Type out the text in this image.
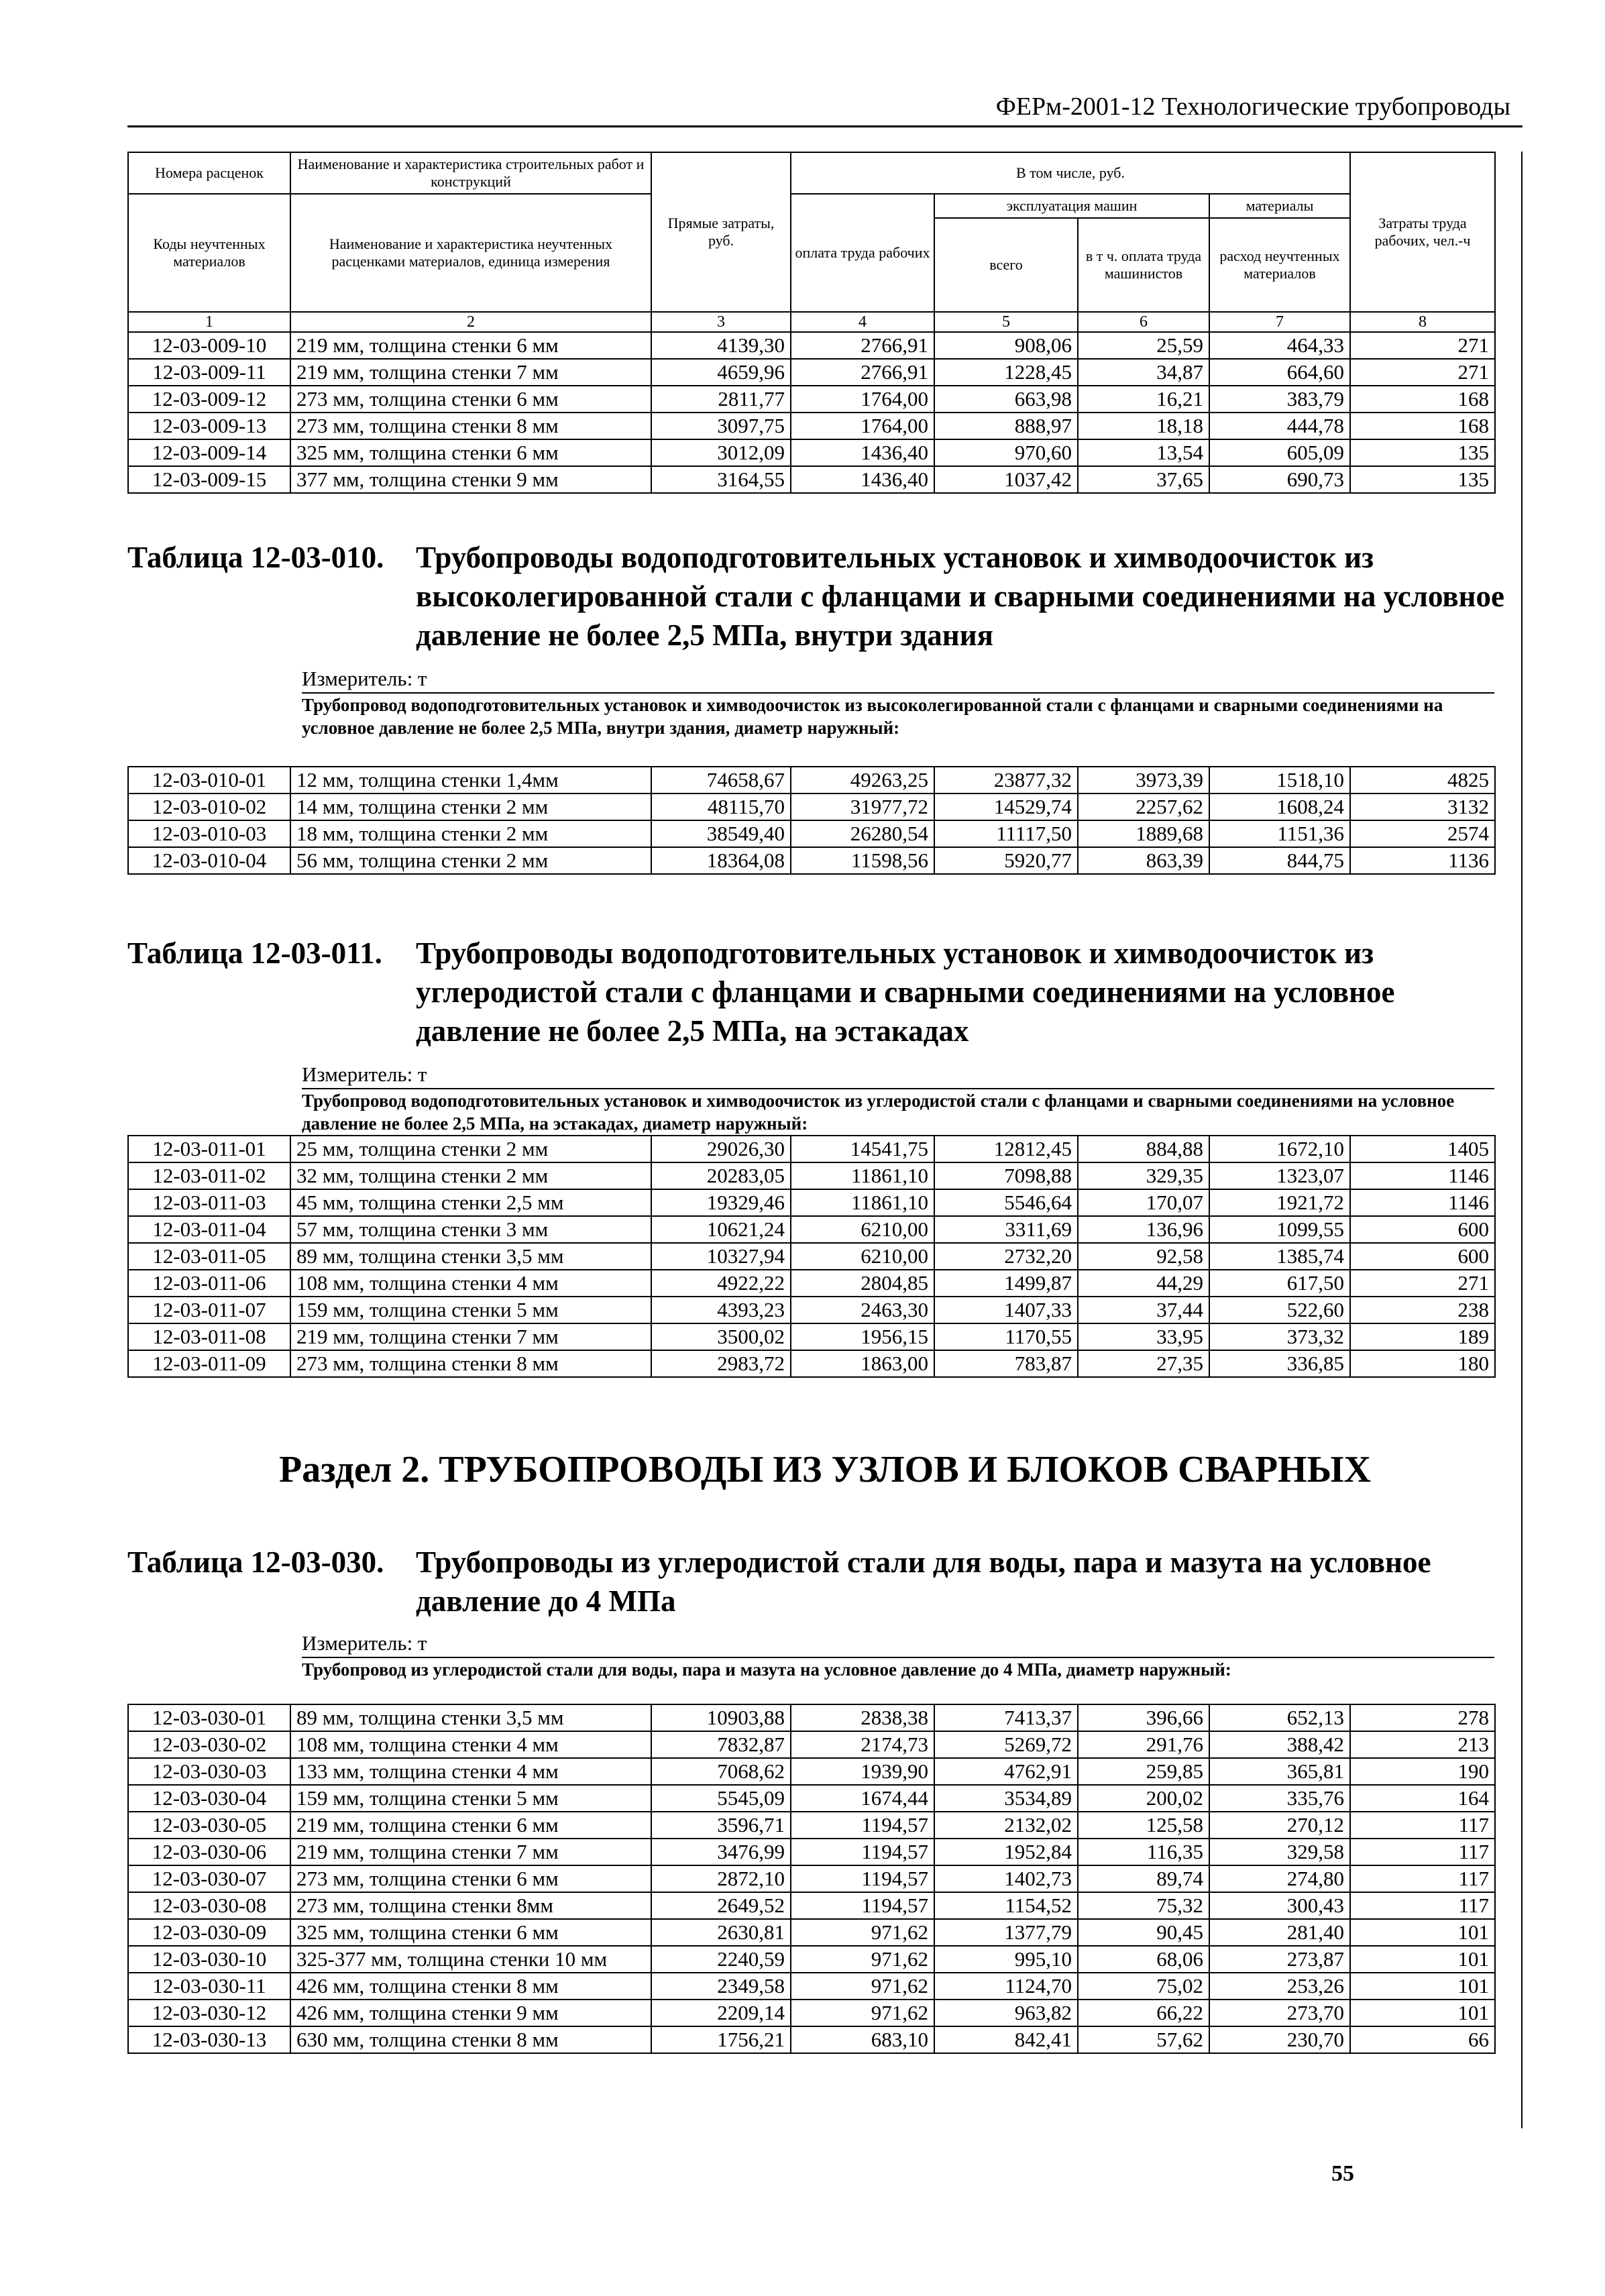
ФЕРм-2001-12 Технологические трубопроводы
Номера расценок	Наименование и характеристика строительных работ и конструкций	Прямые затраты, руб.	В том числе, руб.				Затраты труда рабочих, чел.-ч
Коды неучтенных материалов	Наименование и характеристика неучтенных расценками материалов, единица измерения		оплата труда рабочих	эксплуатация машин		материалы	
				всего	в т ч. оплата труда машинистов	расход неучтенных материалов	
1	2	3	4	5	6	7	8
12-03-009-10	219 мм, толщина стенки 6 мм	4139,30	2766,91	908,06	25,59	464,33	271
12-03-009-11	219 мм, толщина стенки 7 мм	4659,96	2766,91	1228,45	34,87	664,60	271
12-03-009-12	273 мм, толщина стенки 6 мм	2811,77	1764,00	663,98	16,21	383,79	168
12-03-009-13	273 мм, толщина стенки 8 мм	3097,75	1764,00	888,97	18,18	444,78	168
12-03-009-14	325 мм, толщина стенки 6 мм	3012,09	1436,40	970,60	13,54	605,09	135
12-03-009-15	377 мм, толщина стенки 9 мм	3164,55	1436,40	1037,42	37,65	690,73	135
Таблица 12-03-010. Трубопроводы водоподготовительных установок и химводоочисток из высоколегированной стали с фланцами и сварными соединениями на условное давление не более 2,5 МПа, внутри здания
Измеритель: т
Трубопровод водоподготовительных установок и химводоочисток из высоколегированной стали с фланцами и сварными соединениями на условное давление не более 2,5 МПа, внутри здания, диаметр наружный:
12-03-010-01	12 мм, толщина стенки 1,4мм	74658,67	49263,25	23877,32	3973,39	1518,10	4825
12-03-010-02	14 мм, толщина стенки 2 мм	48115,70	31977,72	14529,74	2257,62	1608,24	3132
12-03-010-03	18 мм, толщина стенки 2 мм	38549,40	26280,54	11117,50	1889,68	1151,36	2574
12-03-010-04	56 мм, толщина стенки 2 мм	18364,08	11598,56	5920,77	863,39	844,75	1136
Таблица 12-03-011. Трубопроводы водоподготовительных установок и химводоочисток из углеродистой стали с фланцами и сварными соединениями на условное давление не более 2,5 МПа, на эстакадах
Измеритель: т
Трубопровод водоподготовительных установок и химводоочисток из углеродистой стали с фланцами и сварными соединениями на условное давление не более 2,5 МПа, на эстакадах, диаметр наружный:
12-03-011-01	25 мм, толщина стенки 2 мм	29026,30	14541,75	12812,45	884,88	1672,10	1405
12-03-011-02	32 мм, толщина стенки 2 мм	20283,05	11861,10	7098,88	329,35	1323,07	1146
12-03-011-03	45 мм, толщина стенки 2,5 мм	19329,46	11861,10	5546,64	170,07	1921,72	1146
12-03-011-04	57 мм, толщина стенки 3 мм	10621,24	6210,00	3311,69	136,96	1099,55	600
12-03-011-05	89 мм, толщина стенки 3,5 мм	10327,94	6210,00	2732,20	92,58	1385,74	600
12-03-011-06	108 мм, толщина стенки 4 мм	4922,22	2804,85	1499,87	44,29	617,50	271
12-03-011-07	159 мм, толщина стенки 5 мм	4393,23	2463,30	1407,33	37,44	522,60	238
12-03-011-08	219 мм, толщина стенки 7 мм	3500,02	1956,15	1170,55	33,95	373,32	189
12-03-011-09	273 мм, толщина стенки 8 мм	2983,72	1863,00	783,87	27,35	336,85	180
Раздел 2. ТРУБОПРОВОДЫ ИЗ УЗЛОВ И БЛОКОВ СВАРНЫХ
Таблица 12-03-030. Трубопроводы из углеродистой стали для воды, пара и мазута на условное давление до 4 МПа
Измеритель: т
Трубопровод из углеродистой стали для воды, пара и мазута на условное давление до 4 МПа, диаметр наружный:
12-03-030-01	89 мм, толщина стенки 3,5 мм	10903,88	2838,38	7413,37	396,66	652,13	278
12-03-030-02	108 мм, толщина стенки 4 мм	7832,87	2174,73	5269,72	291,76	388,42	213
12-03-030-03	133 мм, толщина стенки 4 мм	7068,62	1939,90	4762,91	259,85	365,81	190
12-03-030-04	159 мм, толщина стенки 5 мм	5545,09	1674,44	3534,89	200,02	335,76	164
12-03-030-05	219 мм, толщина стенки 6 мм	3596,71	1194,57	2132,02	125,58	270,12	117
12-03-030-06	219 мм, толщина стенки 7 мм	3476,99	1194,57	1952,84	116,35	329,58	117
12-03-030-07	273 мм, толщина стенки 6 мм	2872,10	1194,57	1402,73	89,74	274,80	117
12-03-030-08	273 мм, толщина стенки 8мм	2649,52	1194,57	1154,52	75,32	300,43	117
12-03-030-09	325 мм, толщина стенки 6 мм	2630,81	971,62	1377,79	90,45	281,40	101
12-03-030-10	325-377 мм, толщина стенки 10 мм	2240,59	971,62	995,10	68,06	273,87	101
12-03-030-11	426 мм, толщина стенки 8 мм	2349,58	971,62	1124,70	75,02	253,26	101
12-03-030-12	426 мм, толщина стенки 9 мм	2209,14	971,62	963,82	66,22	273,70	101
12-03-030-13	630 мм, толщина стенки 8 мм	1756,21	683,10	842,41	57,62	230,70	66
55
